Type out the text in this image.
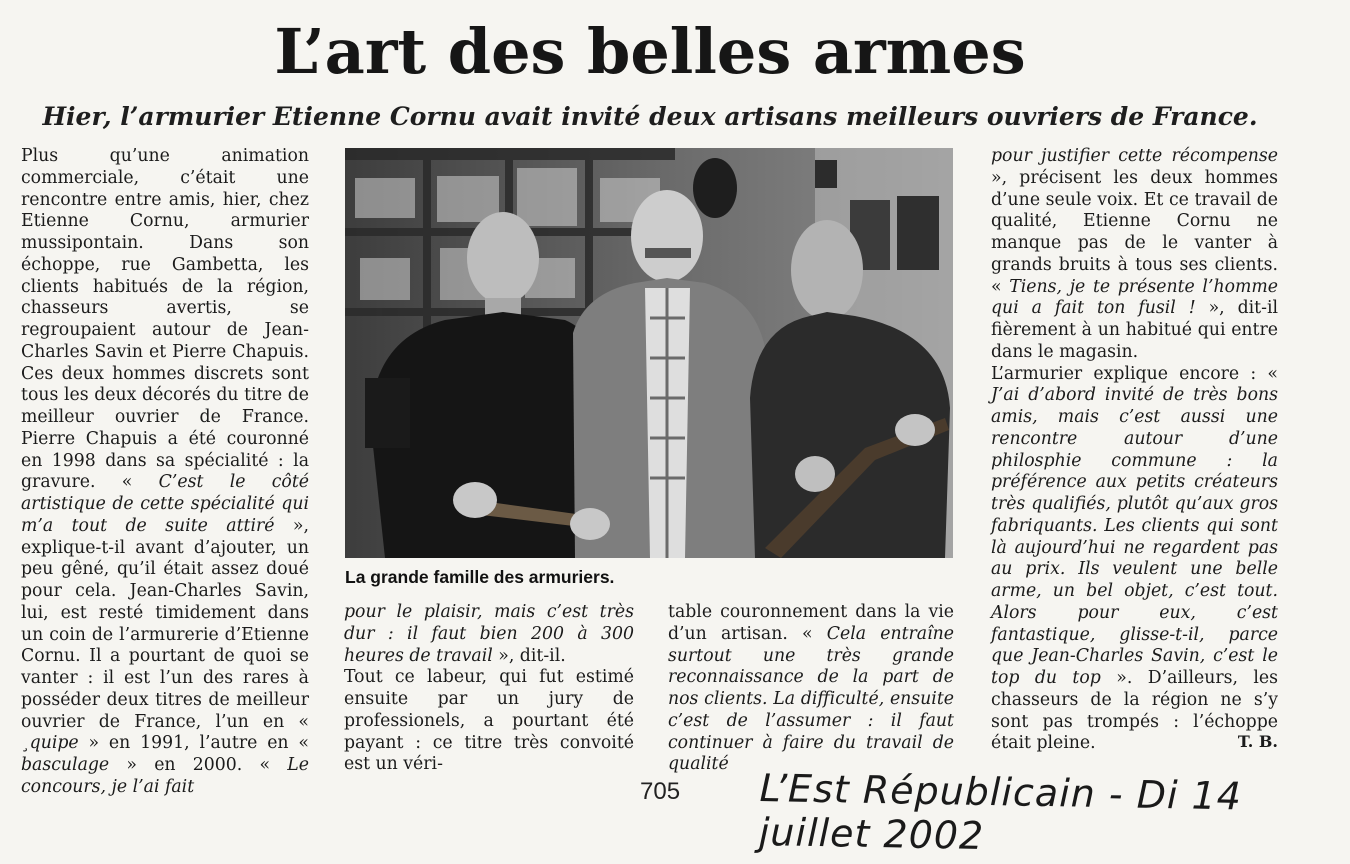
L’art des belles armes
Hier, l’armurier Etienne Cornu avait invité deux artisans meilleurs ouvriers de France.

Plus qu’une animation commerciale, c’était une rencontre entre amis, hier, chez Etienne Cornu, armurier mussipontain. Dans son échoppe, rue Gambetta, les clients habitués de la région, chasseurs avertis, se regroupaient autour de Jean-Charles Savin et Pierre Chapuis. Ces deux hommes discrets sont tous les deux décorés du titre de meilleur ouvrier de France. Pierre Chapuis a été couronné en 1998 dans sa spécialité : la gravure. « C’est le côté artistique de cette spécialité qui m’a tout de suite attiré », explique-t-il avant d’ajouter, un peu gêné, qu’il était assez doué pour cela. Jean-Charles Savin, lui, est resté timidement dans un coin de l’armurerie d’Etienne Cornu. Il a pourtant de quoi se vanter : il est l’un des rares à posséder deux titres de meilleur ouvrier de France, l’un en « ¸quipe » en 1991, l’autre en « basculage » en 2000. « Le concours, je l’ai fait

La grande famille des armuriers.

pour le plaisir, mais c’est très dur : il faut bien 200 à 300 heures de travail », dit-il.

Tout ce labeur, qui fut estimé ensuite par un jury de professionels, a pourtant été payant : ce titre très convoité est un véri-

table couronnement dans la vie d’un artisan. « Cela entraîne surtout une très grande reconnaissance de la part de nos clients. La difficulté, ensuite c’est de l’assumer : il faut continuer à faire du travail de qualité

pour justifier cette récompense », précisent les deux hommes d’une seule voix. Et ce travail de qualité, Etienne Cornu ne manque pas de le vanter à grands bruits à tous ses clients. « Tiens, je te présente l’homme qui a fait ton fusil ! », dit-il fièrement à un habitué qui entre dans le magasin.

L’armurier explique encore : « J’ai d’abord invité de très bons amis, mais c’est aussi une rencontre autour d’une philosphie commune : la préférence aux petits créateurs très qualifiés, plutôt qu’aux gros fabriquants. Les clients qui sont là aujourd’hui ne regardent pas au prix. Ils veulent une belle arme, un bel objet, c’est tout. Alors pour eux, c’est fantastique, glisse-t-il, parce que Jean-Charles Savin, c’est le top du top ». D’ailleurs, les chasseurs de la région ne s’y sont pas trompés : l’échoppe était pleine.	T. B.
705 L’Est Républicain - Di 14 juillet 2002
